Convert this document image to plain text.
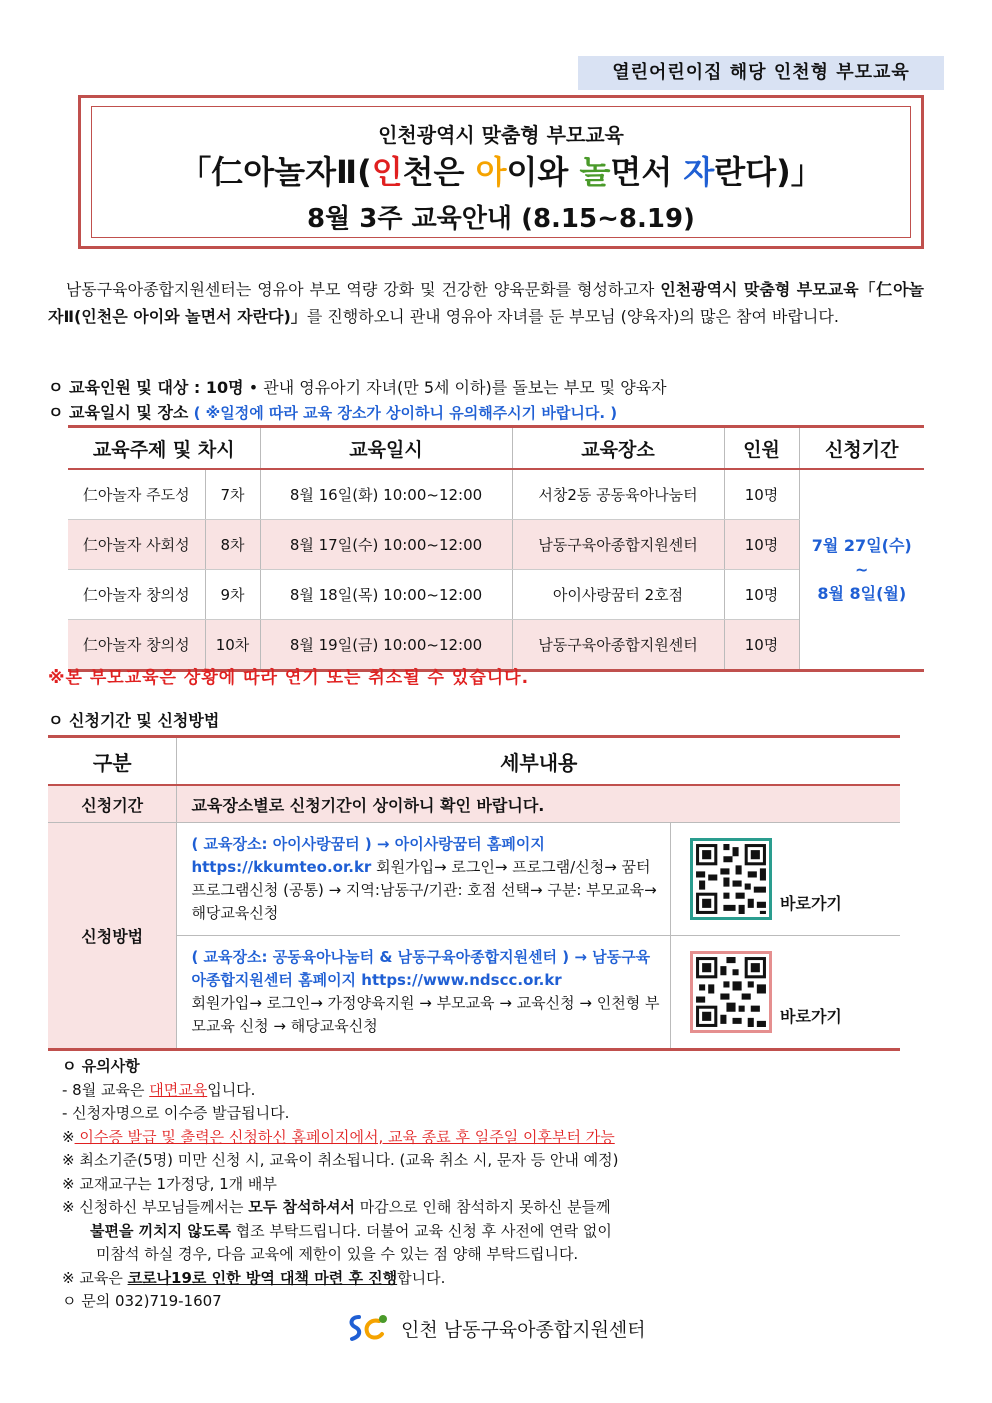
열린어린이집 해당 인천형 부모교육
인천광역시 맞춤형 부모교육
「仁아놀자Ⅱ(인천은 아이와 놀면서 자란다)」
8월 3주 교육안내 (8.15~8.19)
남동구육아종합지원센터는 영유아 부모 역량 강화 및 건강한 양육문화를 형성하고자 인천광역시 맞춤형 부모교육「仁아놀자Ⅱ(인천은 아이와 놀면서 자란다)」를 진행하오니 관내 영유아 자녀를 둔 부모님 (양육자)의 많은 참여 바랍니다.
ㅇ 교육인원 및 대상 : 10명 • 관내 영유아기 자녀(만 5세 이하)를 돌보는 부모 및 양육자
ㅇ 교육일시 및 장소 ( ※일정에 따라 교육 장소가 상이하니 유의해주시기 바랍니다. )
교육주제 및 차시		교육일시	교육장소	인원	신청기간
仁아놀자 주도성	7차	8월 16일(화) 10:00~12:00	서창2동 공동육아나눔터	10명	7월 27일(수)
~
8월 8일(월)

仁아놀자 사회성	8차	8월 17일(수) 10:00~12:00	남동구육아종합지원센터	10명	
仁아놀자 창의성	9차	8월 18일(목) 10:00~12:00	아이사랑꿈터 2호점	10명	
仁아놀자 창의성	10차	8월 19일(금) 10:00~12:00	남동구육아종합지원센터	10명	
※본 부모교육은 상황에 따라 연기 또는 취소될 수 있습니다.
ㅇ 신청기간 및 신청방법
구분	세부내용	
신청기간	교육장소별로 신청기간이 상이하니 확인 바랍니다.	
신청방법	( 교육장소: 아이사랑꿈터 ) → 아이사랑꿈터 홈페이지
https://kkumteo.or.kr 회원가입→ 로그인→ 프로그램/신청→ 꿈터 프로그램신청 (공통) → 지역:남동구/기관: 호점 선택→ 구분: 부모교육→ 해당교육신청	바로가기

	( 교육장소: 공동육아나눔터 & 남동구육아종합지원센터 ) → 남동구육아종합지원센터 홈페이지 https://www.ndscc.or.kr
회원가입→ 로그인→ 가정양육지원 → 부모교육 → 교육신청 → 인천형 부모교육 신청 → 해당교육신청	바로가기
ㅇ 유의사항
- 8월 교육은 대면교육입니다.
- 신청자명으로 이수증 발급됩니다.
※ 이수증 발급 및 출력은 신청하신 홈페이지에서, 교육 종료 후 일주일 이후부터 가능
※ 최소기준(5명) 미만 신청 시, 교육이 취소됩니다. (교육 취소 시, 문자 등 안내 예정)
※ 교재교구는 1가정당, 1개 배부
※ 신청하신 부모님들께서는 모두 참석하셔서 마감으로 인해 참석하지 못하신 분들께
불편을 끼치지 않도록 협조 부탁드립니다. 더불어 교육 신청 후 사전에 연락 없이
미참석 하실 경우, 다음 교육에 제한이 있을 수 있는 점 양해 부탁드립니다.
※ 교육은 코로나19로 인한 방역 대책 마련 후 진행합니다.
ㅇ 문의 032)719-1607
인천 남동구육아종합지원센터
